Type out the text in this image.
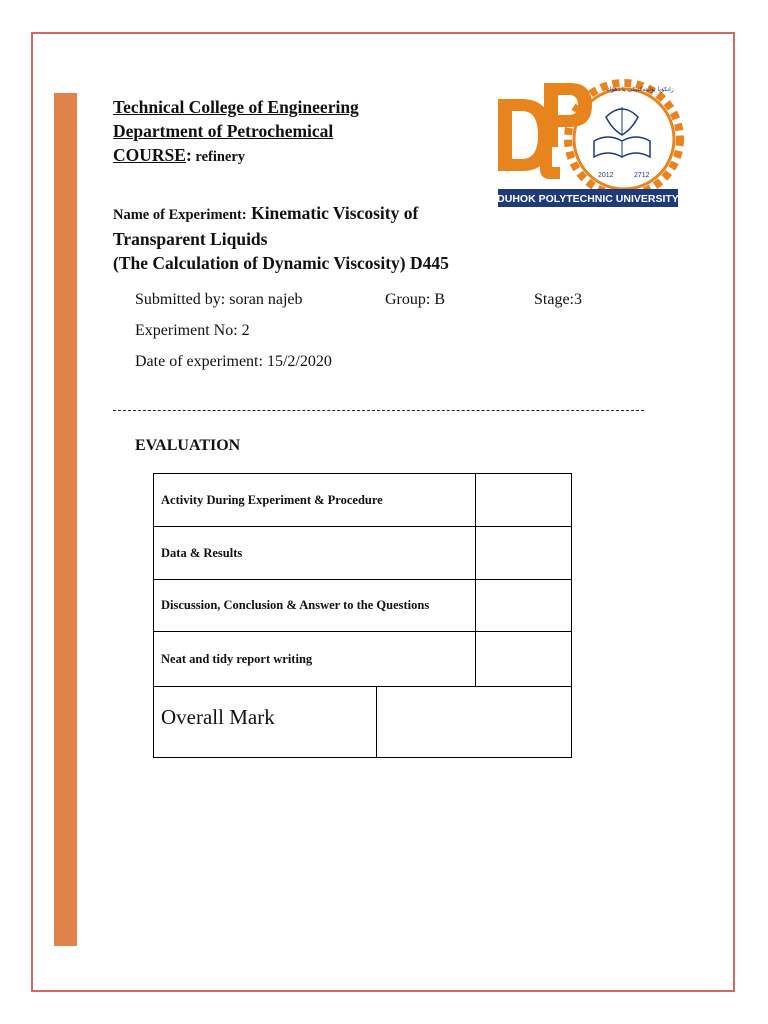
Technical College of Engineering
Department of Petrochemical
COURSE: refinery
2012	2712
زانكۆیا پۆلیتەكنیكی یا دهۆك
DUHOK POLYTECHNIC UNIVERSITY
Name of Experiment: Kinematic Viscosity of
Transparent Liquids
(The Calculation of Dynamic Viscosity) D445
Submitted by: soran najeb	Group: B	Stage:3
Experiment No: 2
Date of experiment: 15/2/2020
EVALUATION
Activity During Experiment & Procedure
Data & Results
Discussion, Conclusion & Answer to the Questions
Neat and tidy report writing
Overall Mark
